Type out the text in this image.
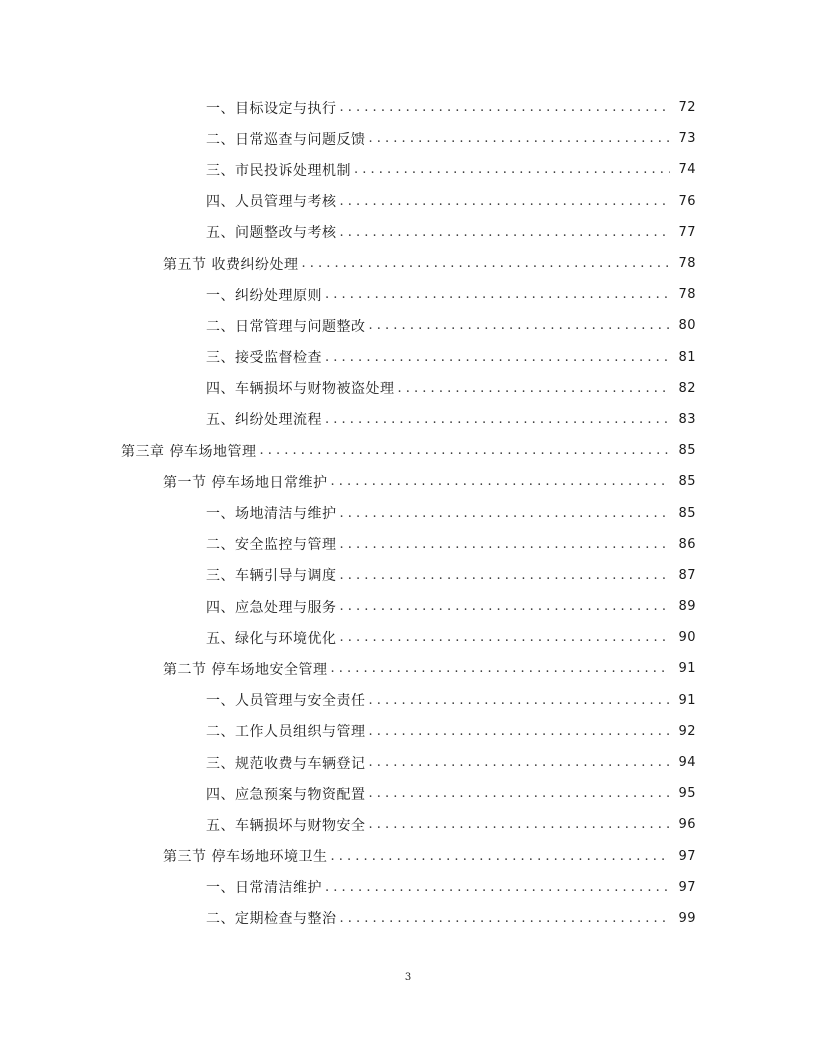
一、目标设定与执行 . . .	72
二、日常巡查与问题反馈 . . .	73
三、市民投诉处理机制 . . .	74
四、人员管理与考核 . . .	76
五、问题整改与考核 . . .	77
第五节 收费纠纷处理 . . .	78
一、纠纷处理原则 . . .	78
二、日常管理与问题整改 . . .	80
三、接受监督检查 . . .	81
四、车辆损坏与财物被盗处理 . . .	82
五、纠纷处理流程 . . .	83
第三章 停车场地管理 . . .	85
第一节 停车场地日常维护 . . .	85
一、场地清洁与维护 . . .	85
二、安全监控与管理 . . .	86
三、车辆引导与调度 . . .	87
四、应急处理与服务 . . .	89
五、绿化与环境优化 . . .	90
第二节 停车场地安全管理 . . .	91
一、人员管理与安全责任 . . .	91
二、工作人员组织与管理 . . .	92
三、规范收费与车辆登记 . . .	94
四、应急预案与物资配置 . . .	95
五、车辆损坏与财物安全 . . .	96
第三节 停车场地环境卫生 . . .	97
一、日常清洁维护 . . .	97
二、定期检查与整治 . . .	99
3
